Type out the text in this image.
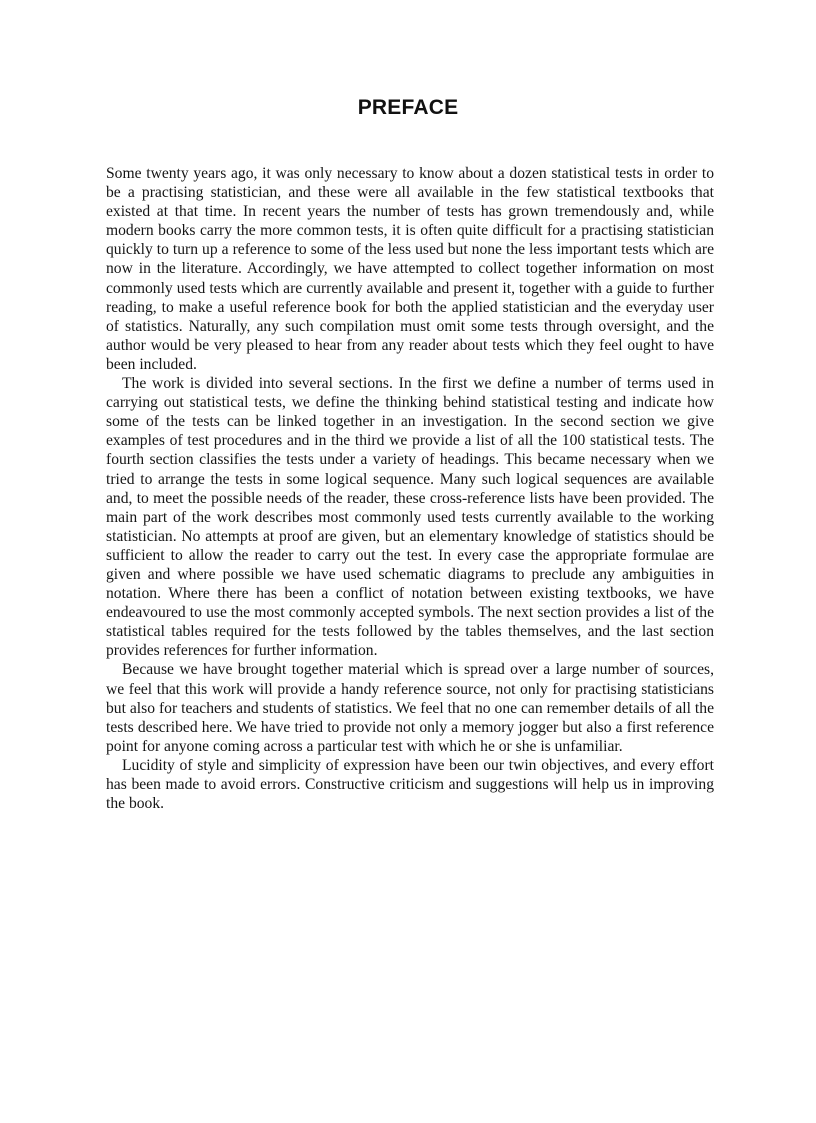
PREFACE

Some twenty years ago, it was only necessary to know about a dozen statistical tests in order to be a practising statistician, and these were all available in the few statistical textbooks that existed at that time. In recent years the number of tests has grown tremendously and, while modern books carry the more common tests, it is often quite difficult for a practising statistician quickly to turn up a reference to some of the less used but none the less important tests which are now in the literature. Accordingly, we have attempted to collect together information on most commonly used tests which are currently available and present it, together with a guide to further reading, to make a useful reference book for both the applied statistician and the everyday user of statistics. Naturally, any such compilation must omit some tests through oversight, and the author would be very pleased to hear from any reader about tests which they feel ought to have been included.

The work is divided into several sections. In the first we define a number of terms used in carrying out statistical tests, we define the thinking behind statistical testing and indicate how some of the tests can be linked together in an investigation. In the second section we give examples of test procedures and in the third we provide a list of all the 100 statistical tests. The fourth section classifies the tests under a variety of headings. This became necessary when we tried to arrange the tests in some logical sequence. Many such logical sequences are available and, to meet the possible needs of the reader, these cross-reference lists have been provided. The main part of the work describes most commonly used tests currently available to the working statistician. No attempts at proof are given, but an elementary knowledge of statistics should be sufficient to allow the reader to carry out the test. In every case the appropriate formulae are given and where possible we have used schematic diagrams to preclude any ambiguities in notation. Where there has been a conflict of notation between existing textbooks, we have endeavoured to use the most commonly accepted symbols. The next section provides a list of the statistical tables required for the tests followed by the tables themselves, and the last section provides references for further information.

Because we have brought together material which is spread over a large number of sources, we feel that this work will provide a handy reference source, not only for practising statisticians but also for teachers and students of statistics. We feel that no one can remember details of all the tests described here. We have tried to provide not only a memory jogger but also a first reference point for anyone coming across a particular test with which he or she is unfamiliar.

Lucidity of style and simplicity of expression have been our twin objectives, and every effort has been made to avoid errors. Constructive criticism and suggestions will help us in improving the book.
